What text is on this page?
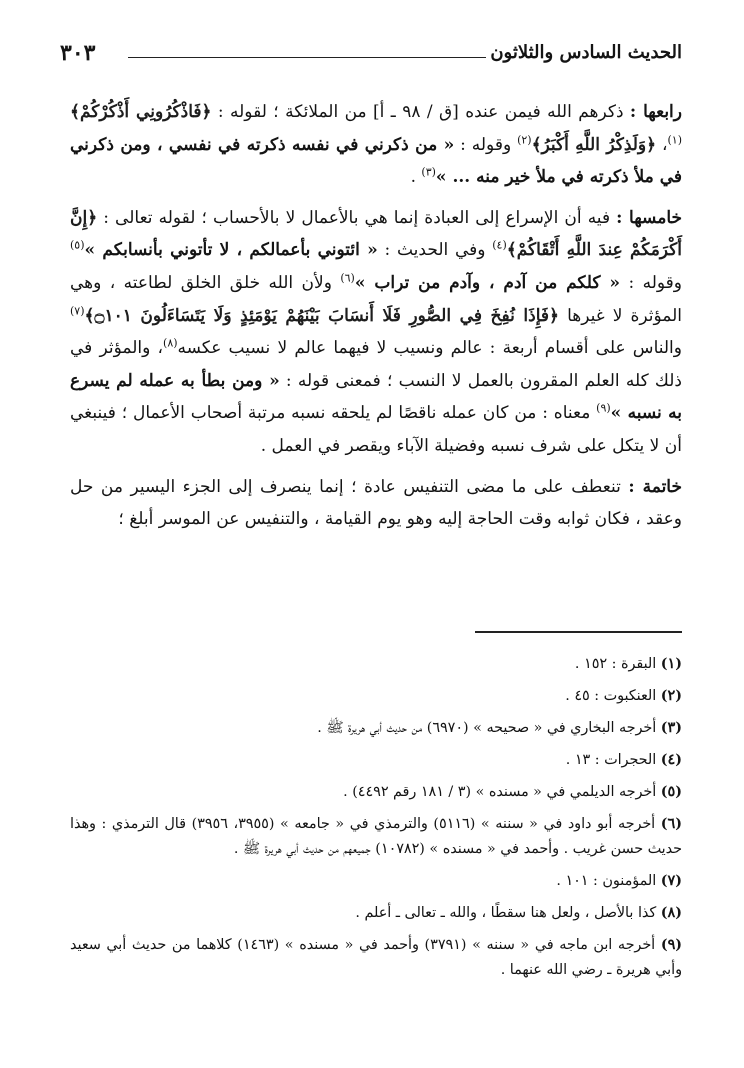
الحديث السادس والثلاثون
٣٠٣

رابعها : ذكرهم الله فيمن عنده [ق / ٩٨ ـ أ] من الملائكة ؛ لقوله : ﴿فَاذْكُرُونِي أَذْكُرْكُمْ﴾$^{(١)}$، ﴿وَلَذِكْرُ اللَّهِ أَكْبَرُ﴾$^{(٢)}$ وقوله : « من ذكرني في نفسه ذكرته في نفسي ، ومن ذكرني في ملأ ذكرته في ملأ خير منه ... »$^{(٣)}$ .

خامسها : فيه أن الإسراع إلى العبادة إنما هي بالأعمال لا بالأحساب ؛ لقوله تعالى : ﴿إِنَّ أَكْرَمَكُمْ عِندَ اللَّهِ أَتْقَاكُمْ﴾$^{(٤)}$ وفي الحديث : « ائتوني بأعمالكم ، لا تأتوني بأنسابكم »$^{(٥)}$ وقوله : « كلكم من آدم ، وآدم من تراب »$^{(٦)}$ ولأن الله خلق الخلق لطاعته ، وهي المؤثرة لا غيرها ﴿فَإِذَا نُفِخَ فِي الصُّورِ فَلَا أَنسَابَ بَيْنَهُمْ يَوْمَئِذٍ وَلَا يَتَسَاءَلُونَ ۝١٠١﴾$^{(٧)}$ والناس على أقسام أربعة : عالم ونسيب لا فيهما عالم لا نسيب عكسه$^{(٨)}$، والمؤثر في ذلك كله العلم المقرون بالعمل لا النسب ؛ فمعنى قوله : « ومن بطأ به عمله لم يسرع به نسبه »$^{(٩)}$ معناه : من كان عمله ناقصًا لم يلحقه نسبه مرتبة أصحاب الأعمال ؛ فينبغي أن لا يتكل على شرف نسبه وفضيلة الآباء ويقصر في العمل .

خاتمة : تنعطف على ما مضى التنفيس عادة ؛ إنما ينصرف إلى الجزء اليسير من حل وعقد ، فكان ثوابه وقت الحاجة إليه وهو يوم القيامة ، والتنفيس عن الموسر أبلغ ؛

(١) البقرة : ١٥٢ .
(٢) العنكبوت : ٤٥ .
(٣) أخرجه البخاري في « صحيحه » (٦٩٧٠) من حديث أبي هريرة ﷺ .
(٤) الحجرات : ١٣ .
(٥) أخرجه الديلمي في « مسنده » (٣ / ١٨١ رقم ٤٤٩٢) .
(٦) أخرجه أبو داود في « سننه » (٥١١٦) والترمذي في « جامعه » (٣٩٥٥، ٣٩٥٦) قال الترمذي : وهذا حديث حسن غريب . وأحمد في « مسنده » (١٠٧٨٢) جميعهم من حديث أبي هريرة ﷺ .
(٧) المؤمنون : ١٠١ .
(٨) كذا بالأصل ، ولعل هنا سقطًا ، والله ـ تعالى ـ أعلم .
(٩) أخرجه ابن ماجه في « سننه » (٣٧٩١) وأحمد في « مسنده » (١٤٦٣) كلاهما من حديث أبي سعيد وأبي هريرة ـ رضي الله عنهما .
